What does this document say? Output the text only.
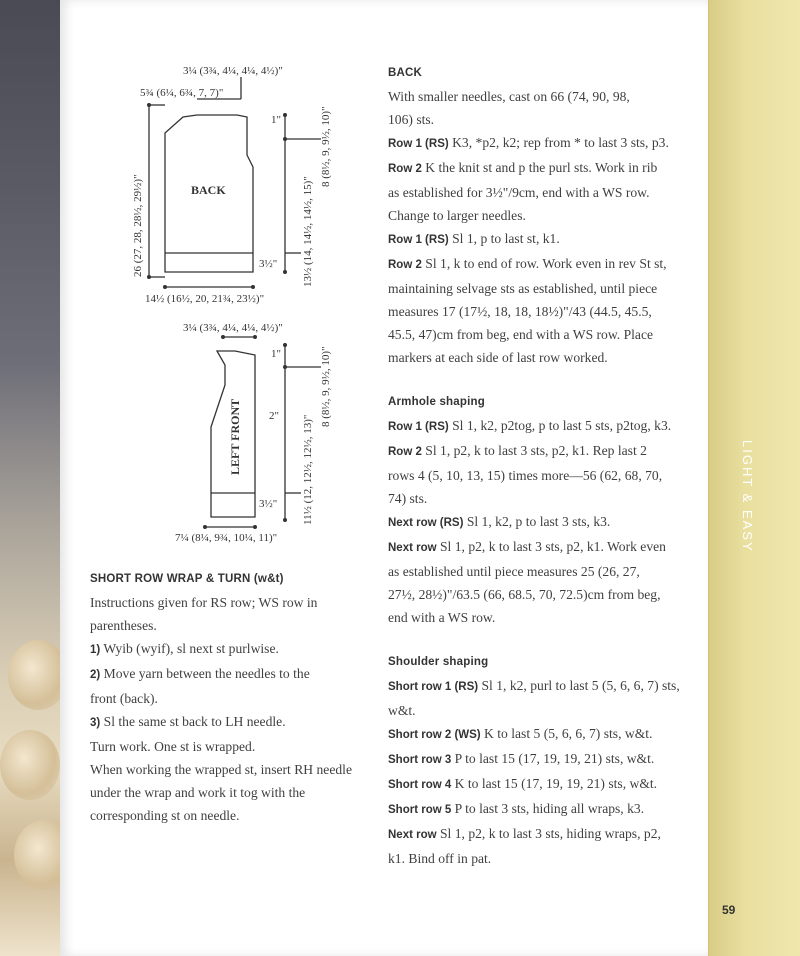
LIGHT & EASY
59
3¼ (3¾, 4¼, 4¼, 4½)"
5¾ (6¼, 6¾, 7, 7)"
BACK
1"
3½"
14½ (16½, 20, 21¾, 23½)"
26 (27, 28, 28½, 29½)"
8 (8½, 9, 9½, 10)"
13½ (14, 14½, 14½, 15)"
3¼ (3¾, 4¼, 4¼, 4½)"
1"
2"
3½"
7¼ (8¼, 9¾, 10¼, 11)"
LEFT FRONT
8 (8½, 9, 9½, 10)"
11½ (12, 12½, 12½, 13)"
SHORT ROW WRAP & TURN (w&t)
Instructions given for RS row; WS row in
parentheses.
1) Wyib (wyif), sl next st purlwise.
2) Move yarn between the needles to the
front (back).
3) Sl the same st back to LH needle.
Turn work. One st is wrapped.
When working the wrapped st, insert RH needle
under the wrap and work it tog with the
corresponding st on needle.
BACK
With smaller needles, cast on 66 (74, 90, 98,
106) sts.
Row 1 (RS) K3, *p2, k2; rep from * to last 3 sts, p3.
Row 2 K the knit st and p the purl sts. Work in rib
as established for 3½"/9cm, end with a WS row.
Change to larger needles.
Row 1 (RS) Sl 1, p to last st, k1.
Row 2 Sl 1, k to end of row. Work even in rev St st,
maintaining selvage sts as established, until piece
measures 17 (17½, 18, 18, 18½)"/43 (44.5, 45.5,
45.5, 47)cm from beg, end with a WS row. Place
markers at each side of last row worked.
Armhole shaping
Row 1 (RS) Sl 1, k2, p2tog, p to last 5 sts, p2tog, k3.
Row 2 Sl 1, p2, k to last 3 sts, p2, k1. Rep last 2
rows 4 (5, 10, 13, 15) times more—56 (62, 68, 70,
74) sts.
Next row (RS) Sl 1, k2, p to last 3 sts, k3.
Next row Sl 1, p2, k to last 3 sts, p2, k1. Work even
as established until piece measures 25 (26, 27,
27½, 28½)"/63.5 (66, 68.5, 70, 72.5)cm from beg,
end with a WS row.
Shoulder shaping
Short row 1 (RS) Sl 1, k2, purl to last 5 (5, 6, 6, 7) sts,
w&t.
Short row 2 (WS) K to last 5 (5, 6, 6, 7) sts, w&t.
Short row 3 P to last 15 (17, 19, 19, 21) sts, w&t.
Short row 4 K to last 15 (17, 19, 19, 21) sts, w&t.
Short row 5 P to last 3 sts, hiding all wraps, k3.
Next row Sl 1, p2, k to last 3 sts, hiding wraps, p2,
k1. Bind off in pat.
